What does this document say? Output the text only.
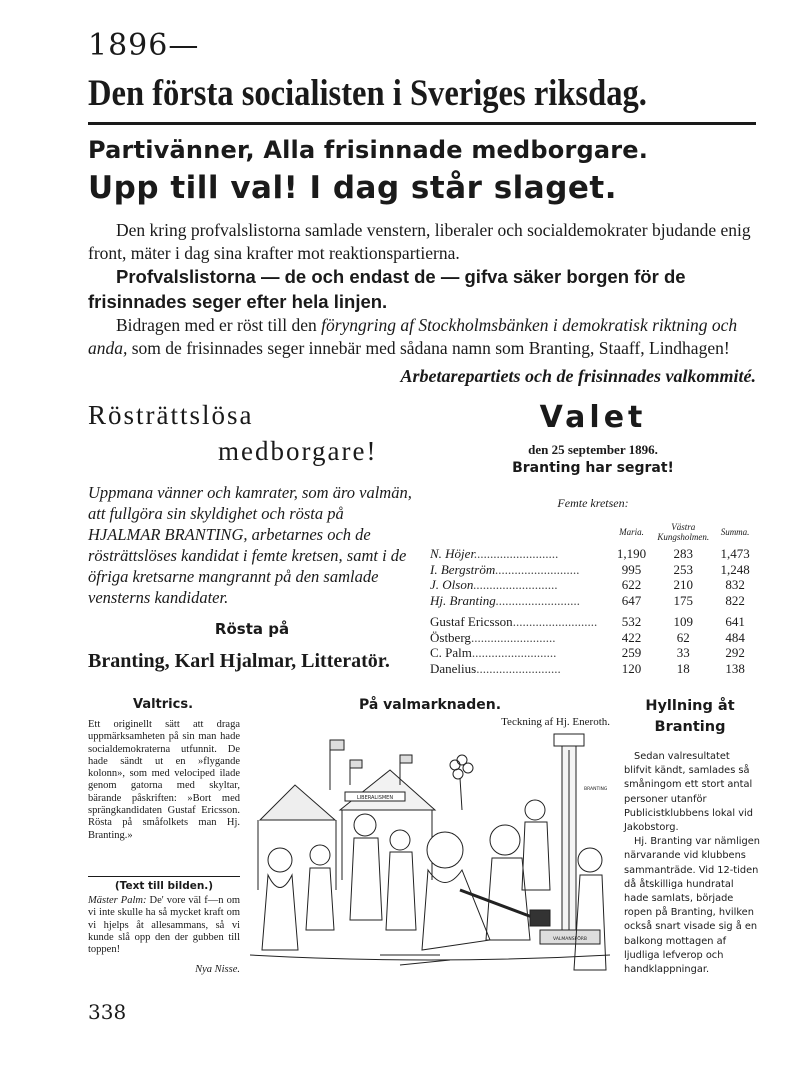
1896—
Den första socialisten i Sveriges riksdag.
Partivänner, Alla frisinnade medborgare.
Upp till val! I dag står slaget.
Den kring profvalslistorna samlade venstern, liberaler och socialdemokrater bjudande enig front, mäter i dag sina krafter mot reaktionspartierna.
Profvalslistorna — de och endast de — gifva säker borgen för de frisinnades seger efter hela linjen.
Bidragen med er röst till den föryngring af Stockholmsbänken i demokratisk riktning och anda, som de frisinnades seger innebär med sådana namn som Branting, Staaff, Lindhagen!
Arbetarepartiets och de frisinnades valkommité.
Rösträttslösa
medborgare!
Uppmana vänner och kamrater, som äro valmän, att fullgöra sin skyldighet och rösta på HJALMAR BRANTING, arbetarnes och de rösträttslöses kandidat i femte kretsen, samt i de öfriga kretsarne mangrannt på den samlade vensterns kandidater.
Rösta på
Branting, Karl Hjalmar, Litteratör.
Valet
den 25 september 1896.
Branting har segrat!
Femte kretsen:
	Maria.	Västra Kungsholmen.	Summa.
N. Höjer..........................	1,190	283	1,473
I. Bergström..........................	995	253	1,248
J. Olson..........................	622	210	832
Hj. Branting..........................	647	175	822
Gustaf Ericsson..........................	532	109	641
Östberg..........................	422	62	484
C. Palm..........................	259	33	292
Danelius..........................	120	18	138
Valtrics.
Ett originellt sätt att draga uppmärksamheten på sin man hade socialdemokraterna utfunnit. De hade sändt ut en »flygande kolonn», som med velociped ilade genom gatorna med skyltar, bärande påskriften: »Bort med sprängkandidaten Gustaf Ericsson. Rösta på småfolkets man Hj. Branting.»
(Text till bilden.)
Mäster Palm: De' vore väl f—n om vi inte skulle ha så mycket kraft om vi hjelps åt allesammans, så vi kunde slå opp den der gubben till toppen!
Nya Nisse.
På valmarknaden.
Teckning af Hj. Eneroth.
LIBERALISMEN
BRANTING
VALMANSFÖRB
Hyllning åt Branting

Sedan valresultatet blifvit kändt, samlades så småningom ett stort antal personer utanför Publicistklubbens lokal vid Jakobstorg.

Hj. Branting var nämligen närvarande vid klubbens sammanträde. Vid 12-tiden då åtskilliga hundratal hade samlats, började ropen på Branting, hvilken också snart visade sig å en balkong mottagen af ljudliga lefverop och handklappningar.

338
